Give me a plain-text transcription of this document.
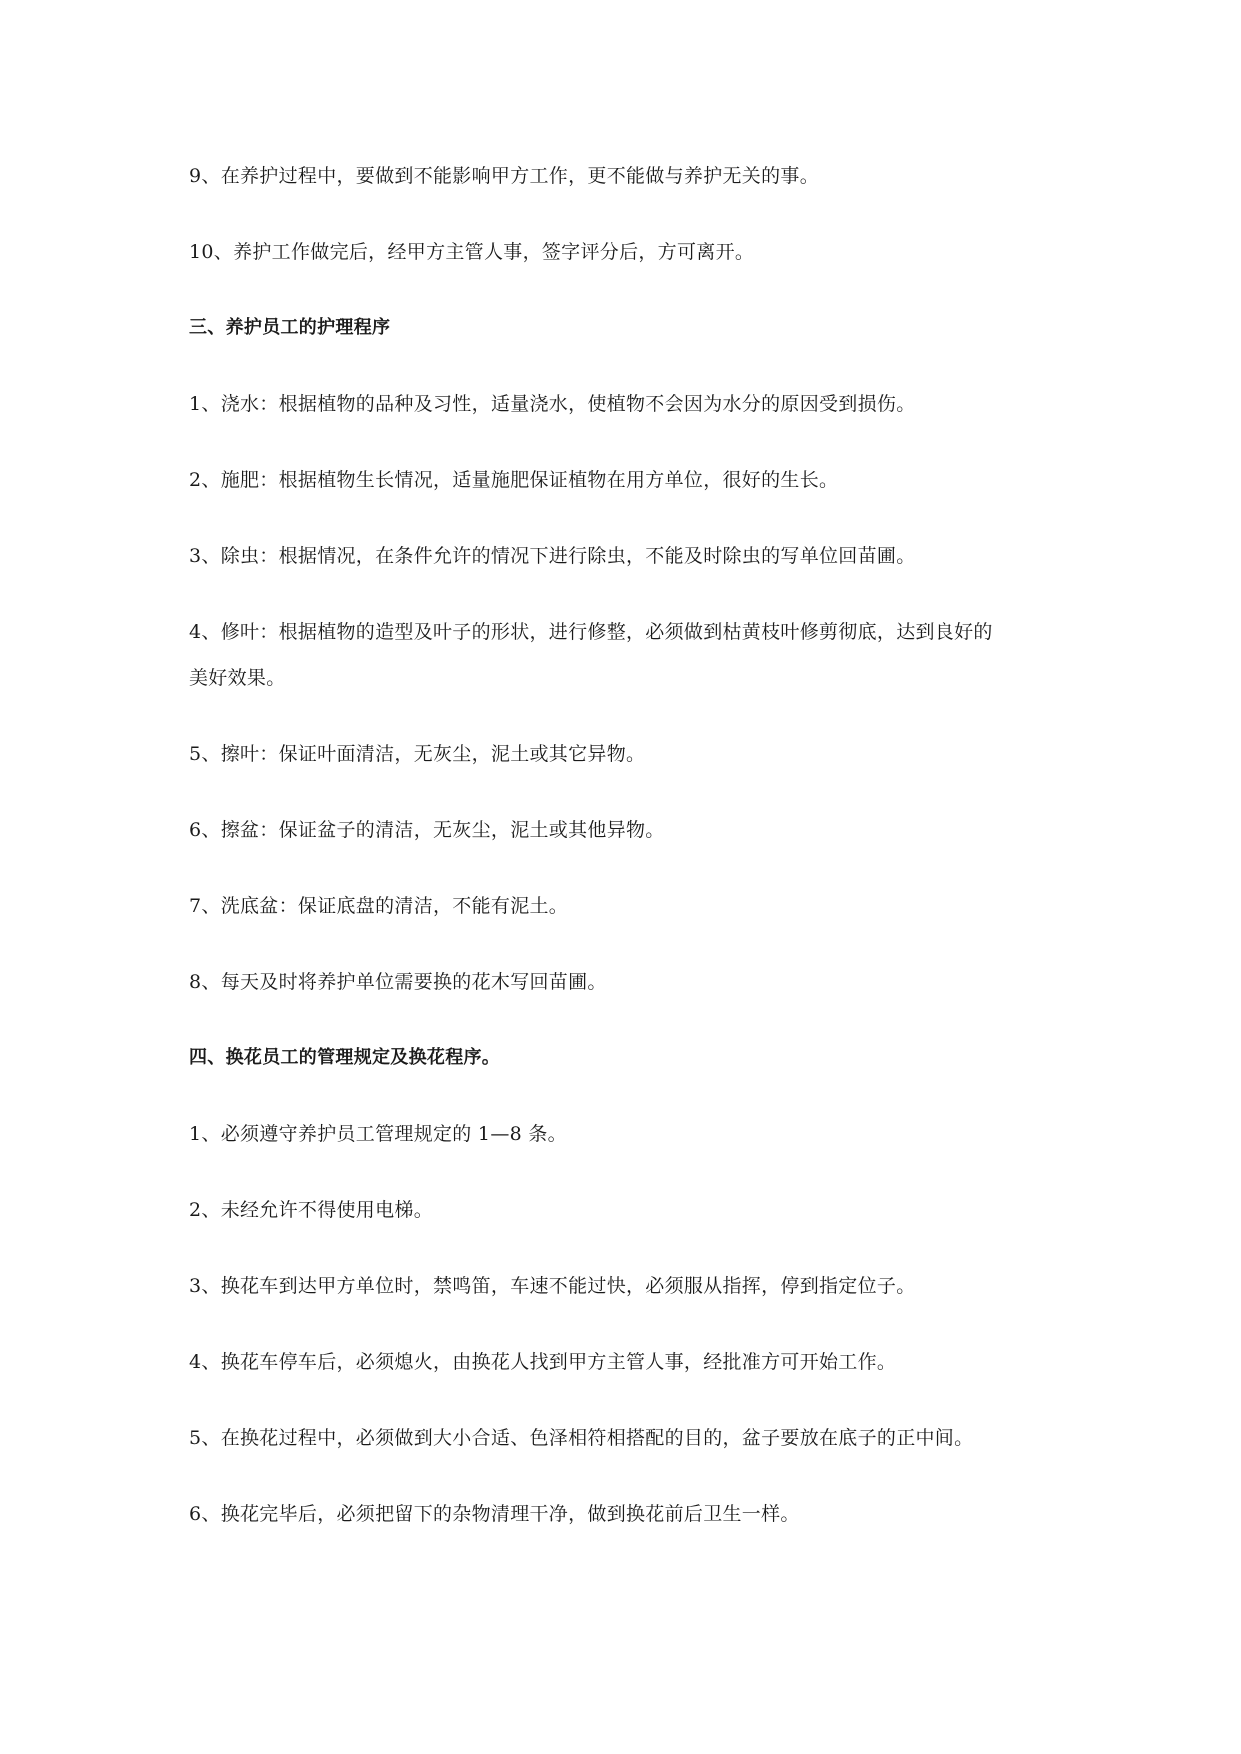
9、在养护过程中，要做到不能影响甲方工作，更不能做与养护无关的事。
10、养护工作做完后，经甲方主管人事，签字评分后，方可离开。
三、养护员工的护理程序
1、浇水：根据植物的品种及习性，适量浇水，使植物不会因为水分的原因受到损伤。
2、施肥：根据植物生长情况，适量施肥保证植物在用方单位，很好的生长。
3、除虫：根据情况，在条件允许的情况下进行除虫，不能及时除虫的写单位回苗圃。
4、修叶：根据植物的造型及叶子的形状，进行修整，必须做到枯黄枝叶修剪彻底，达到良好的
美好效果。
5、擦叶：保证叶面清洁，无灰尘，泥土或其它异物。
6、擦盆：保证盆子的清洁，无灰尘，泥土或其他异物。
7、洗底盆：保证底盘的清洁，不能有泥土。
8、每天及时将养护单位需要换的花木写回苗圃。
四、换花员工的管理规定及换花程序。
1、必须遵守养护员工管理规定的 1—8 条。
2、未经允许不得使用电梯。
3、换花车到达甲方单位时，禁鸣笛，车速不能过快，必须服从指挥，停到指定位子。
4、换花车停车后，必须熄火，由换花人找到甲方主管人事，经批准方可开始工作。
5、在换花过程中，必须做到大小合适、色泽相符相搭配的目的，盆子要放在底子的正中间。
6、换花完毕后，必须把留下的杂物清理干净，做到换花前后卫生一样。
